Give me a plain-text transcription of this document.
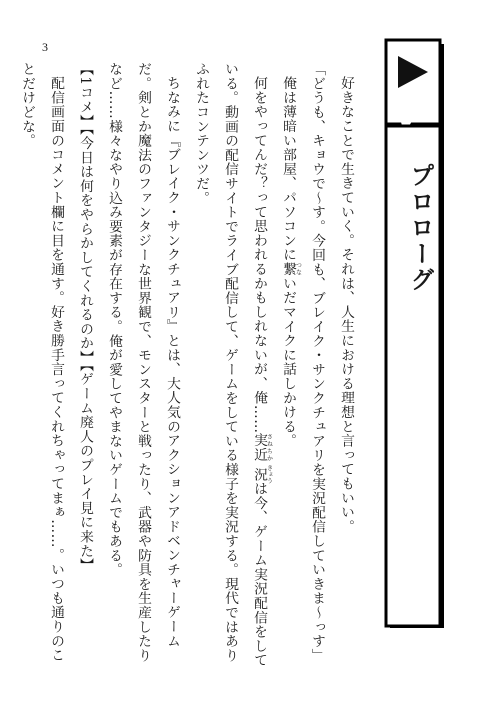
3
プロローグ

好きなことで生きていく。それは、人生における理想と言ってもいい。

「どうも、キョウで～す。今回も、ブレイク・サンクチュアリを実況配信していきま～っす」

俺は薄暗い部屋、パソコンに繋つないだマイクに話しかける。

何をやってんだ？って思われるかもしれないが、俺……実近さねちか 況きょうは今、ゲーム実況配信をしている。動画の配信サイトでライブ配信して、ゲームをしている様子を実況する。現代ではありふれたコンテンツだ。

ちなみに『ブレイク・サンクチュアリ』とは、大人気のアクションアドベンチャーゲームだ。剣とか魔法のファンタジーな世界観で、モンスターと戦ったり、武器や防具を生産したりなど……様々なやり込み要素が存在する。俺が愛してやまないゲームでもある。

【1コメ】【今日は何をやらかしてくれるのか】【ゲーム廃人のプレイ見に来た】

配信画面のコメント欄に目を通す。好き勝手言ってくれちゃってまぁ……。いつも通りのことだけどな。
